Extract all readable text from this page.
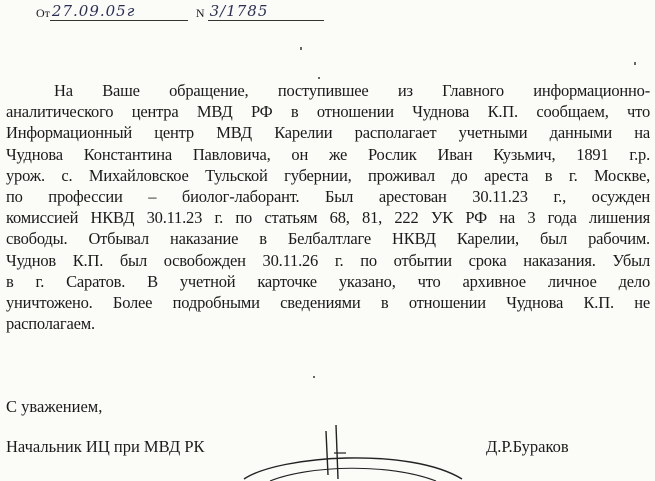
От 27.09.05г	N 3/1785
На Ваше обращение, поступившее из Главного информационно-
аналитического центра МВД РФ в отношении Чуднова К.П. сообщаем, что
Информационный центр МВД Карелии располагает учетными данными на
Чуднова Константина Павловича, он же Рослик Иван Кузьмич, 1891 г.р.
урож. с. Михайловское Тульской губернии, проживал до ареста в г. Москве,
по профессии – биолог-лаборант. Был арестован 30.11.23 г., осужден
комиссией НКВД 30.11.23 г. по статьям 68, 81, 222 УК РФ на 3 года лишения
свободы. Отбывал наказание в Белбалтлаге НКВД Карелии, был рабочим.
Чуднов К.П. был освобожден 30.11.26 г. по отбытии срока наказания. Убыл
в г. Саратов. В учетной карточке указано, что архивное личное дело
уничтожено. Более подробными сведениями в отношении Чуднова К.П. не
располагаем.
С уважением,
Начальник ИЦ при МВД РК	Д.Р.Бураков
